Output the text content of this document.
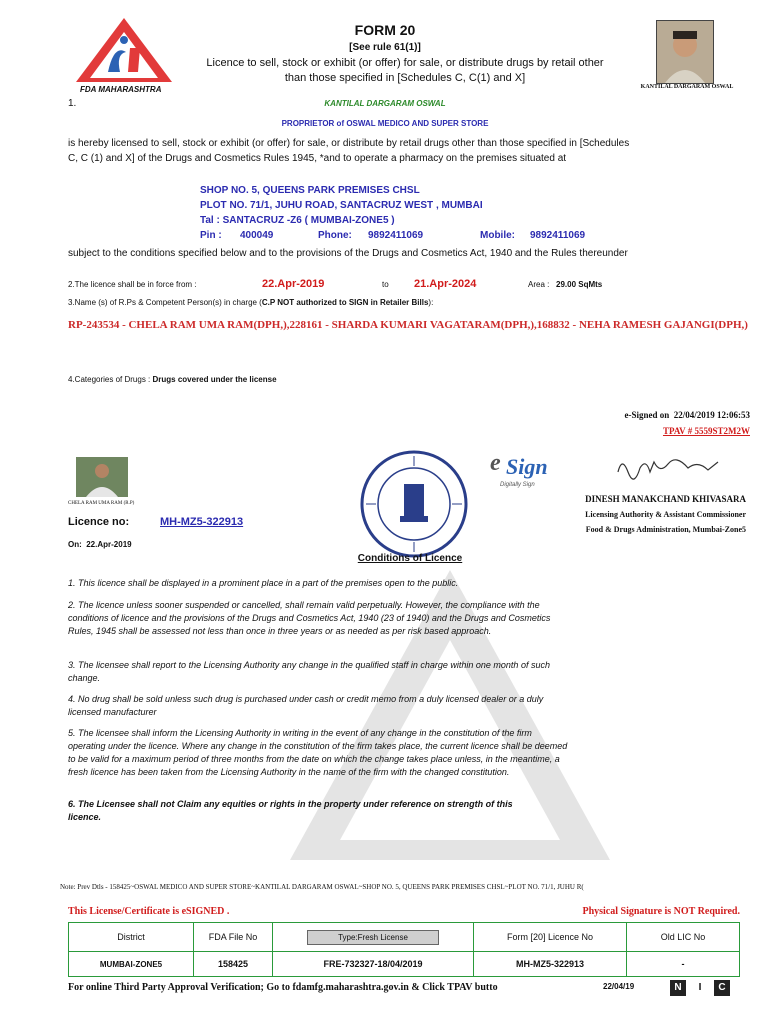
FDA MAHARASHTRA
FORM 20
[See rule 61(1)]
Licence to sell, stock or exhibit (or offer) for sale, or distribute drugs by retail other than those specified in [Schedules C, C(1) and X]
KANTILAL DARGARAM OSWAL
1.	KANTILAL DARGARAM OSWAL
PROPRIETOR of OSWAL MEDICO AND SUPER STORE
is hereby licensed to sell, stock or exhibit (or offer) for sale, or distribute by retail drugs other than those specified in [Schedules C, C (1) and X] of the Drugs and Cosmetics Rules 1945, *and to operate a pharmacy on the premises situated at
SHOP NO. 5, QUEENS PARK PREMISES CHSL
PLOT NO. 71/1, JUHU ROAD, SANTACRUZ WEST , MUMBAI
Tal : SANTACRUZ -Z6 ( MUMBAI-ZONE5 )
Pin :	400049	Phone:	9892411069	Mobile:	9892411069
subject to the conditions specified below and to the provisions of the Drugs and Cosmetics Act, 1940 and the Rules thereunder
2.The licence shall be in force from :	22.Apr-2019	to 21.Apr-2024	Area : 29.00 SqMts
3.Name (s) of R.Ps & Competent Person(s) in charge (C.P NOT authorized to SIGN in Retailer Bills):
RP-243534 - CHELA RAM UMA RAM(DPH,),228161 - SHARDA KUMARI VAGATARAM(DPH,),168832 - NEHA RAMESH GAJANGI(DPH,)
4.Categories of Drugs : Drugs covered under the license
e-Signed on 22/04/2019 12:06:53
TPAV # 5559ST2M2W
CHELA RAM UMA RAM (R.P)
e Sign
Digitally Sign
DINESH MANAKCHAND KHIVASARA
Licensing Authority & Assistant Commissioner
Food & Drugs Administration, Mumbai-Zone5
Licence no:	MH-MZ5-322913
On: 22.Apr-2019
Conditions of Licence
1. This licence shall be displayed in a prominent place in a part of the premises open to the public.
2. The licence unless sooner suspended or cancelled, shall remain valid perpetually. However, the compliance with the conditions of licence and the provisions of the Drugs and Cosmetics Act, 1940 (23 of 1940) and the Drugs and Cosmetics Rules, 1945 shall be assessed not less than once in three years or as needed as per risk based approach.
3. The licensee shall report to the Licensing Authority any change in the qualified staff in charge within one month of such change.
4. No drug shall be sold unless such drug is purchased under cash or credit memo from a duly licensed dealer or a duly licensed manufacturer
5. The licensee shall inform the Licensing Authority in writing in the event of any change in the constitution of the firm operating under the licence. Where any change in the constitution of the firm takes place, the current licence shall be deemed to be valid for a maximum period of three months from the date on which the change takes place unless, in the meantime, a fresh licence has been taken from the Licensing Authority in the name of the firm with the changed constitution.
6. The Licensee shall not Claim any equities or rights in the property under reference on strength of this licence.
Note: Prev Dtls - 158425~OSWAL MEDICO AND SUPER STORE~KANTILAL DARGARAM OSWAL~SHOP NO. 5, QUEENS PARK PREMISES CHSL~PLOT NO. 71/1, JUHU R(
This License/Certificate is eSIGNED .	Physical Signature is NOT Required.
District	FDA File No	Type:Fresh License	Form [20] Licence No	Old LIC No
MUMBAI-ZONE5	158425	FRE-732327-18/04/2019	MH-MZ5-322913	-
For online Third Party Approval Verification; Go to fdamfg.maharashtra.gov.in & Click TPAV butto	22/04/19	N	I	C
